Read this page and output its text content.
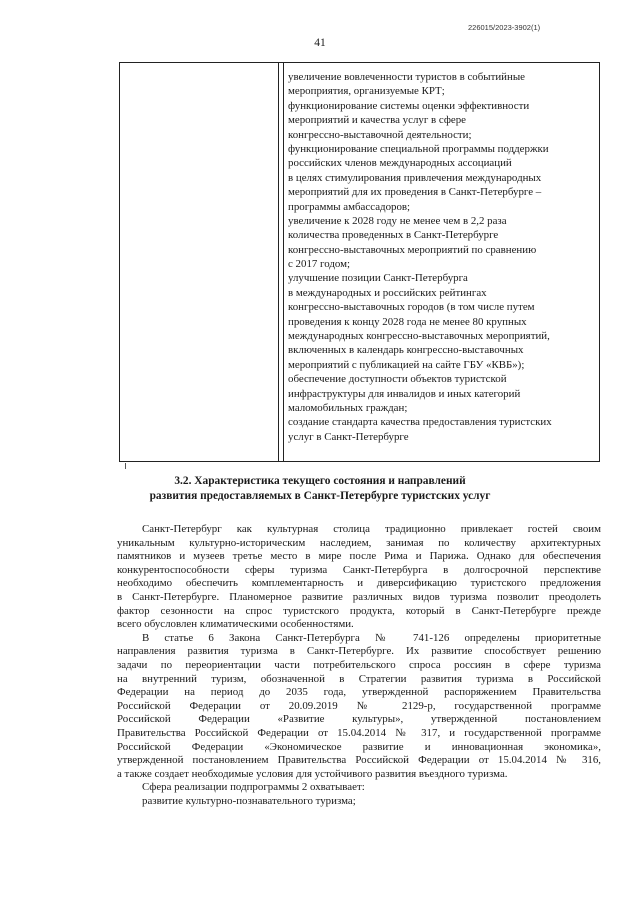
226015/2023-3902(1)
41
увеличение вовлеченности туристов в событийные
мероприятия, организуемые КРТ;
функционирование системы оценки эффективности
мероприятий и качества услуг в сфере
конгрессно-выставочной деятельности;
функционирование специальной программы поддержки
российских членов международных ассоциаций
в целях стимулирования привлечения международных
мероприятий для их проведения в Санкт-Петербурге –
программы амбассадоров;
увеличение к 2028 году не менее чем в 2,2 раза
количества проведенных в Санкт-Петербурге
конгрессно-выставочных мероприятий по сравнению
с 2017 годом;
улучшение позиции Санкт-Петербурга
в международных и российских рейтингах
конгрессно-выставочных городов (в том числе путем
проведения к концу 2028 года не менее 80 крупных
международных конгрессно-выставочных мероприятий,
включенных в календарь конгрессно-выставочных
мероприятий с публикацией на сайте ГБУ «КВБ»);
обеспечение доступности объектов туристской
инфраструктуры для инвалидов и иных категорий
маломобильных граждан;
создание стандарта качества предоставления туристских
услуг в Санкт-Петербурге
3.2. Характеристика текущего состояния и направлений
развития предоставляемых в Санкт-Петербурге туристских услуг
Санкт-Петербург как культурная столица традиционно привлекает гостей своим
уникальным культурно-историческим наследием, занимая по количеству архитектурных
памятников и музеев третье место в мире после Рима и Парижа. Однако для обеспечения
конкурентоспособности сферы туризма Санкт-Петербурга в долгосрочной перспективе
необходимо обеспечить комплементарность и диверсификацию туристского предложения
в Санкт-Петербурге. Планомерное развитие различных видов туризма позволит преодолеть
фактор сезонности на спрос туристского продукта, который в Санкт-Петербурге прежде
всего обусловлен климатическими особенностями.
В статье 6 Закона Санкт-Петербурга № 741-126 определены приоритетные
направления развития туризма в Санкт-Петербурге. Их развитие способствует решению
задачи по переориентации части потребительского спроса россиян в сфере туризма
на внутренний туризм, обозначенной в Стратегии развития туризма в Российской
Федерации на период до 2035 года, утвержденной распоряжением Правительства
Российской Федерации от 20.09.2019 № 2129-р, государственной программе
Российской Федерации «Развитие культуры», утвержденной постановлением
Правительства Российской Федерации от 15.04.2014 № 317, и государственной программе
Российской Федерации «Экономическое развитие и инновационная экономика»,
утвержденной постановлением Правительства Российской Федерации от 15.04.2014 № 316,
а также создает необходимые условия для устойчивого развития въездного туризма.
Сфера реализации подпрограммы 2 охватывает:
развитие культурно-познавательного туризма;
